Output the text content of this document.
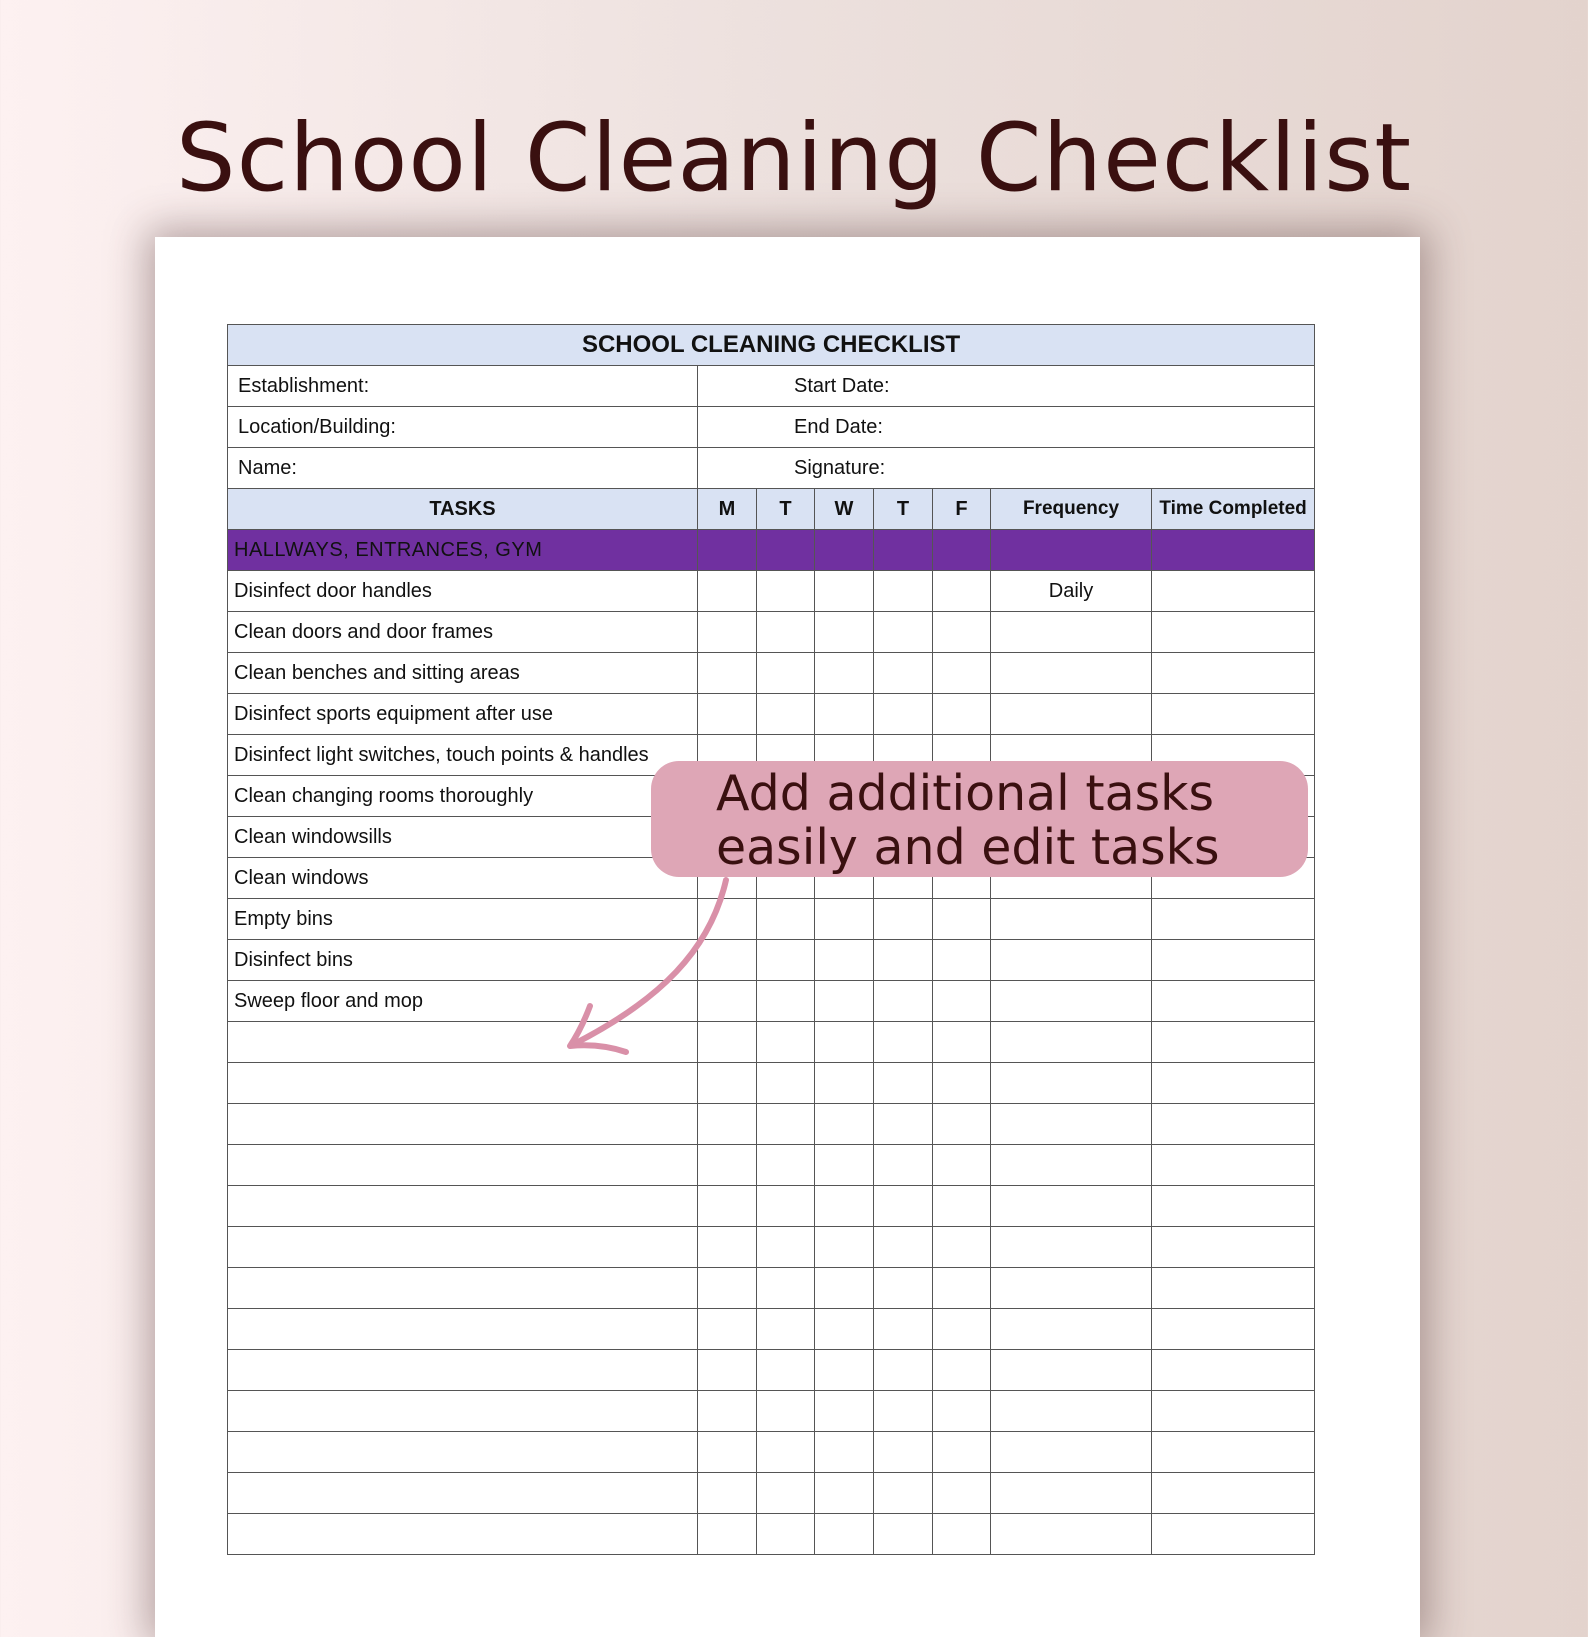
School Cleaning Checklist
SCHOOL CLEANING CHECKLIST							
Establishment:	Start Date:						
Location/Building:	End Date:						
Name:	Signature:						
TASKS	M	T	W	T	F	Frequency	Time Completed
HALLWAYS, ENTRANCES, GYM							
Disinfect door handles						Daily	
Clean doors and door frames							
Clean benches and sitting areas							
Disinfect sports equipment after use							
Disinfect light switches, touch points & handles							
Clean changing rooms thoroughly							
Clean windowsills							
Clean windows							
Empty bins							
Disinfect bins							
Sweep floor and mop							

Add additional tasks
easily and edit tasks
